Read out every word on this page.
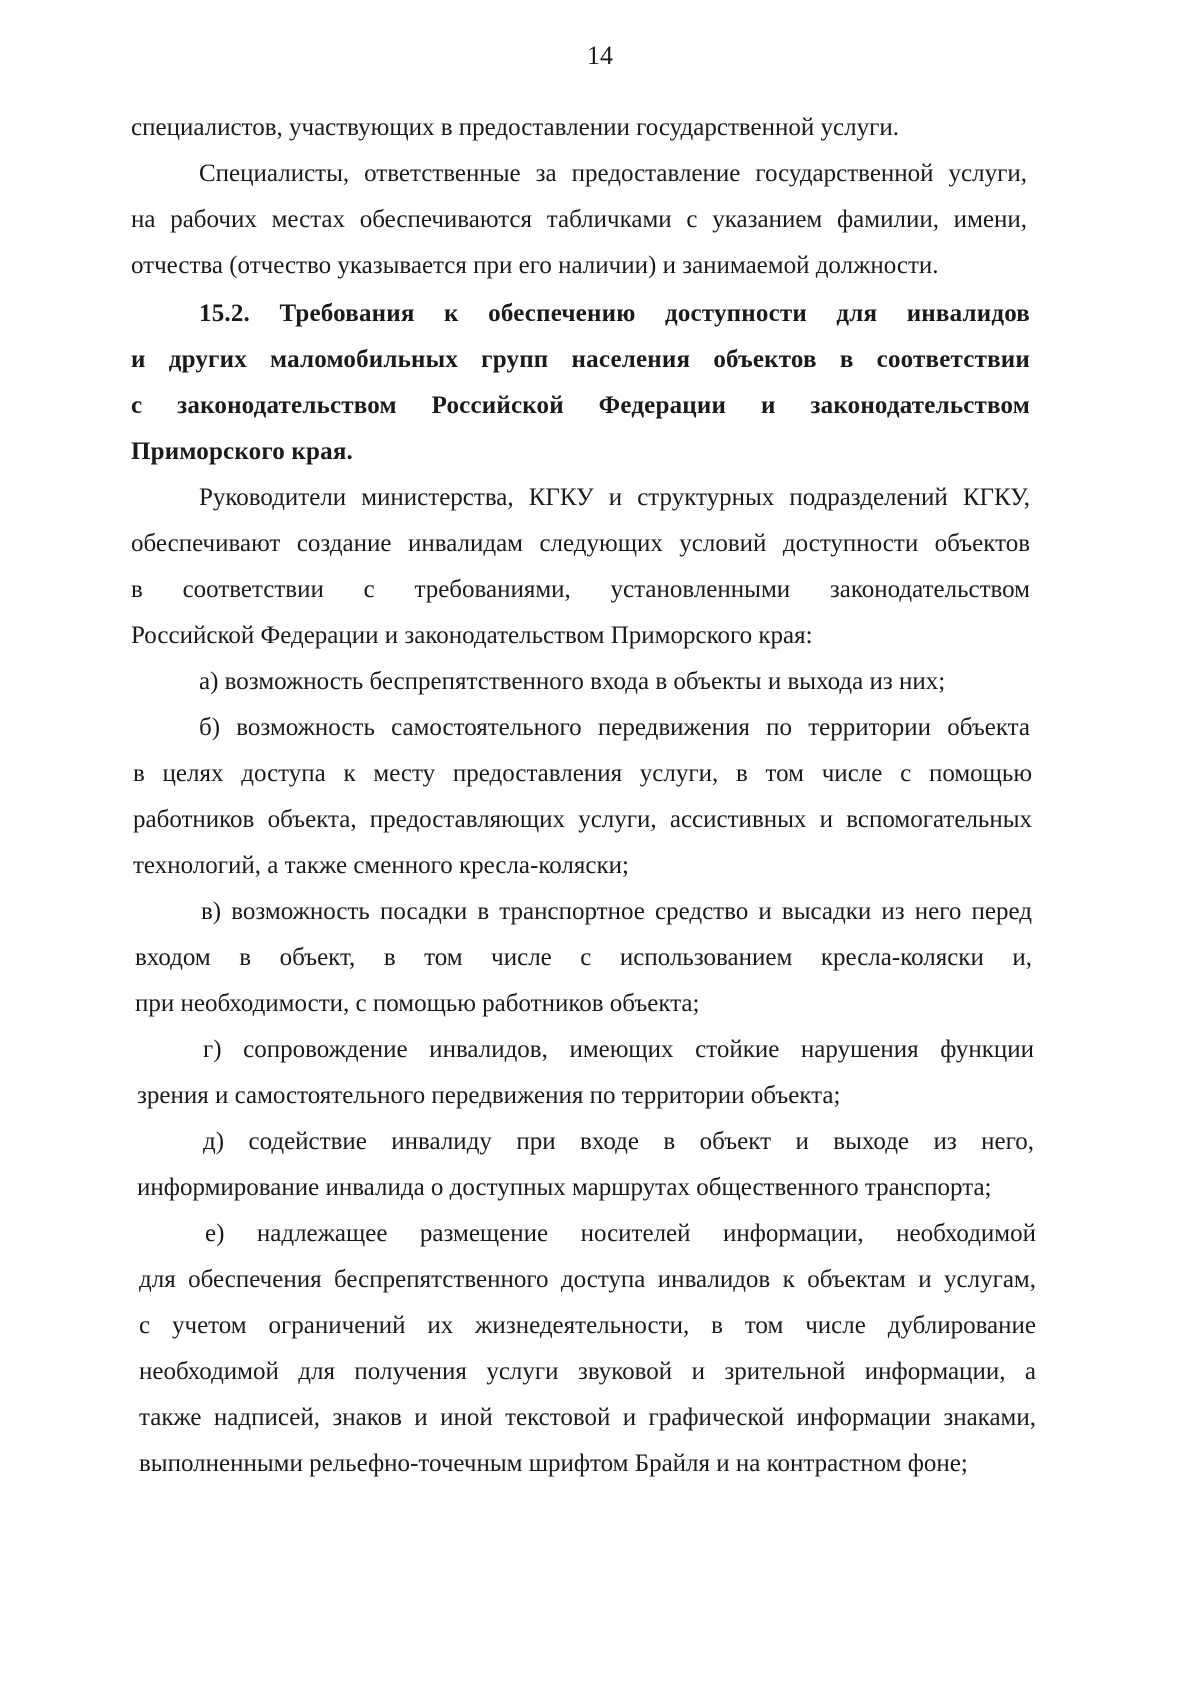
14

специалистов, участвующих в предоставлении государственной услуги.

Специалисты, ответственные за предоставление государственной услуги,

на рабочих местах обеспечиваются табличками с указанием фамилии, имени,

отчества (отчество указывается при его наличии) и занимаемой должности.

15.2. Требования к обеспечению доступности для инвалидов

и других маломобильных групп населения объектов в соответствии

с законодательством Российской Федерации и законодательством

Приморского края.

Руководители министерства, КГКУ и структурных подразделений КГКУ,

обеспечивают создание инвалидам следующих условий доступности объектов

в соответствии с требованиями, установленными законодательством

Российской Федерации и законодательством Приморского края:

а) возможность беспрепятственного входа в объекты и выхода из них;

б) возможность самостоятельного передвижения по территории объекта

в целях доступа к месту предоставления услуги, в том числе с помощью

работников объекта, предоставляющих услуги, ассистивных и вспомогательных

технологий, а также сменного кресла-коляски;

в) возможность посадки в транспортное средство и высадки из него перед

входом в объект, в том числе с использованием кресла-коляски и,

при необходимости, с помощью работников объекта;

г) сопровождение инвалидов, имеющих стойкие нарушения функции

зрения и самостоятельного передвижения по территории объекта;

д) содействие инвалиду при входе в объект и выходе из него,

информирование инвалида о доступных маршрутах общественного транспорта;

е) надлежащее размещение носителей информации, необходимой

для обеспечения беспрепятственного доступа инвалидов к объектам и услугам,

с учетом ограничений их жизнедеятельности, в том числе дублирование

необходимой для получения услуги звуковой и зрительной информации, а

также надписей, знаков и иной текстовой и графической информации знаками,

выполненными рельефно-точечным шрифтом Брайля и на контрастном фоне;
